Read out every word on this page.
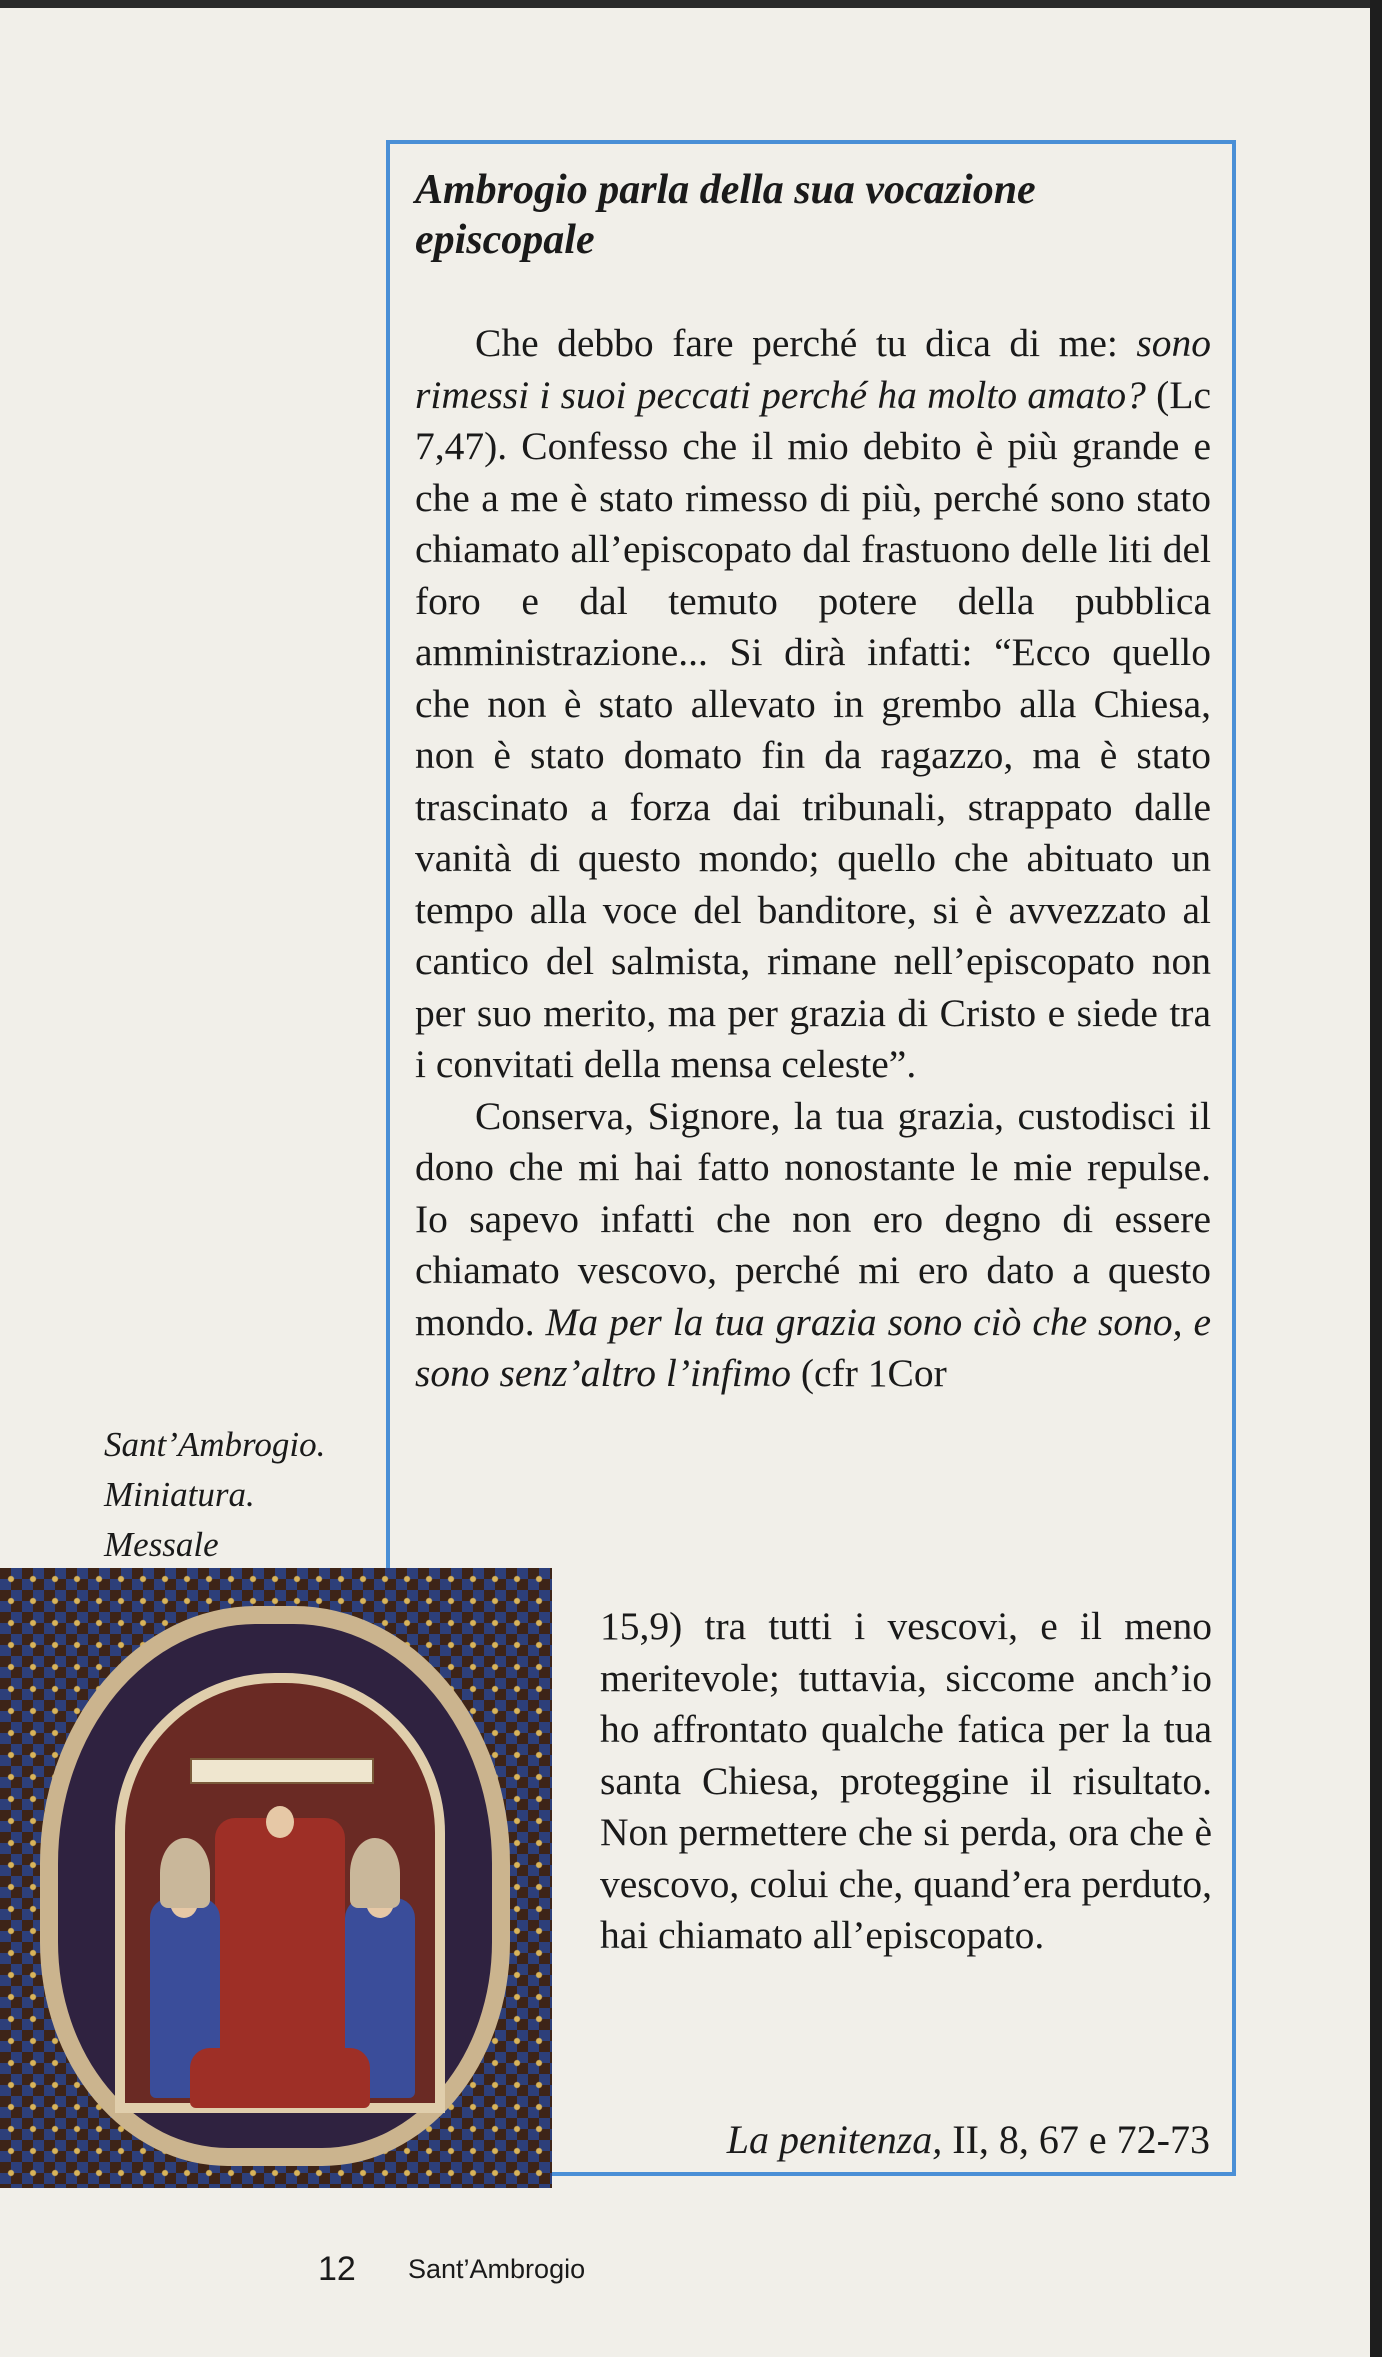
Ambrogio parla della sua vocazione episcopale

Che debbo fare perché tu dica di me: sono rimessi i suoi peccati perché ha molto amato? (Lc 7,47). Confesso che il mio debito è più grande e che a me è stato rimesso di più, perché sono stato chiamato all’episcopato dal frastuono delle liti del foro e dal temuto potere della pubblica amministrazione... Si dirà infatti: “Ecco quello che non è stato allevato in grembo alla Chiesa, non è stato domato fin da ragazzo, ma è stato trascinato a forza dai tribunali, strappato dalle vanità di questo mondo; quello che abituato un tempo alla voce del banditore, si è avvezzato al cantico del salmista, rimane nell’episcopato non per suo merito, ma per grazia di Cristo e siede tra i convitati della mensa celeste”.

Conserva, Signore, la tua grazia, custodisci il dono che mi hai fatto nonostante le mie repulse. Io sapevo infatti che non ero degno di essere chiamato vescovo, perché mi ero dato a questo mondo. Ma per la tua grazia sono ciò che sono, e sono senz’altro l’infimo (cfr 1Cor

15,9) tra tutti i vescovi, e il meno meritevole; tuttavia, siccome anch’io ho affrontato qualche fatica per la tua santa Chiesa, proteggine il risultato. Non permettere che si perda, ora che è vescovo, colui che, quand’era perduto, hai chiamato all’episcopato.
La penitenza, II, 8, 67 e 72-73
Sant’Ambrogio.
Miniatura.
Messale
12 Sant’Ambrogio
